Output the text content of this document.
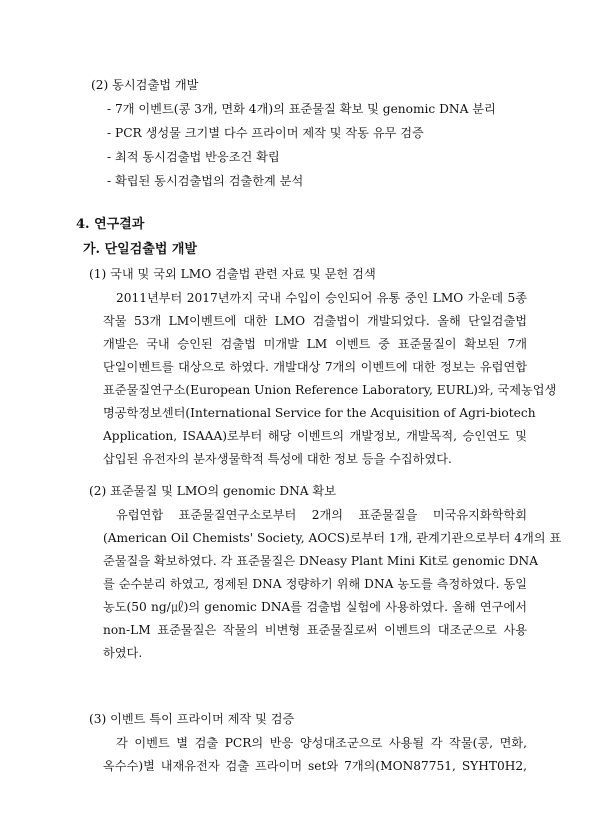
(2) 동시검출법 개발
- 7개 이벤트(콩 3개, 면화 4개)의 표준물질 확보 및 genomic DNA 분리
- PCR 생성물 크기별 다수 프라이머 제작 및 작동 유무 검증
- 최적 동시검출법 반응조건 확립
- 확립된 동시검출법의 검출한계 분석
4. 연구결과
가. 단일검출법 개발
(1) 국내 및 국외 LMO 검출법 관련 자료 및 문헌 검색
2011년부터 2017년까지 국내 수입이 승인되어 유통 중인 LMO 가운데 5종
작물 53개 LM이벤트에 대한 LMO 검출법이 개발되었다. 올해 단일검출법
개발은 국내 승인된 검출법 미개발 LM 이벤트 중 표준물질이 확보된 7개
단일이벤트를 대상으로 하였다. 개발대상 7개의 이벤트에 대한 정보는 유럽연합
표준물질연구소(European Union Reference Laboratory, EURL)와, 국제농업생
명공학정보센터(International Service for the Acquisition of Agri-biotech
Application, ISAAA)로부터 해당 이벤트의 개발정보, 개발목적, 승인연도 및
삽입된 유전자의 분자생물학적 특성에 대한 정보 등을 수집하였다.
(2) 표준물질 및 LMO의 genomic DNA 확보
유럽연합 표준물질연구소로부터 2개의 표준물질을 미국유지화학학회
(American Oil Chemists' Society, AOCS)로부터 1개, 관계기관으로부터 4개의 표
준물질을 확보하였다. 각 표준물질은 DNeasy Plant Mini Kit로 genomic DNA
를 순수분리 하였고, 정제된 DNA 정량하기 위해 DNA 농도를 측정하였다. 동일
농도(50 ng/㎕)의 genomic DNA를 검출법 실험에 사용하였다. 올해 연구에서
non-LM 표준물질은 작물의 비변형 표준물질로써 이벤트의 대조군으로 사용
하였다.
(3) 이벤트 특이 프라이머 제작 및 검증
각 이벤트 별 검출 PCR의 반응 양성대조군으로 사용될 각 작물(콩, 면화,
옥수수)별 내재유전자 검출 프라이머 set와 7개의(MON87751, SYHT0H2,
